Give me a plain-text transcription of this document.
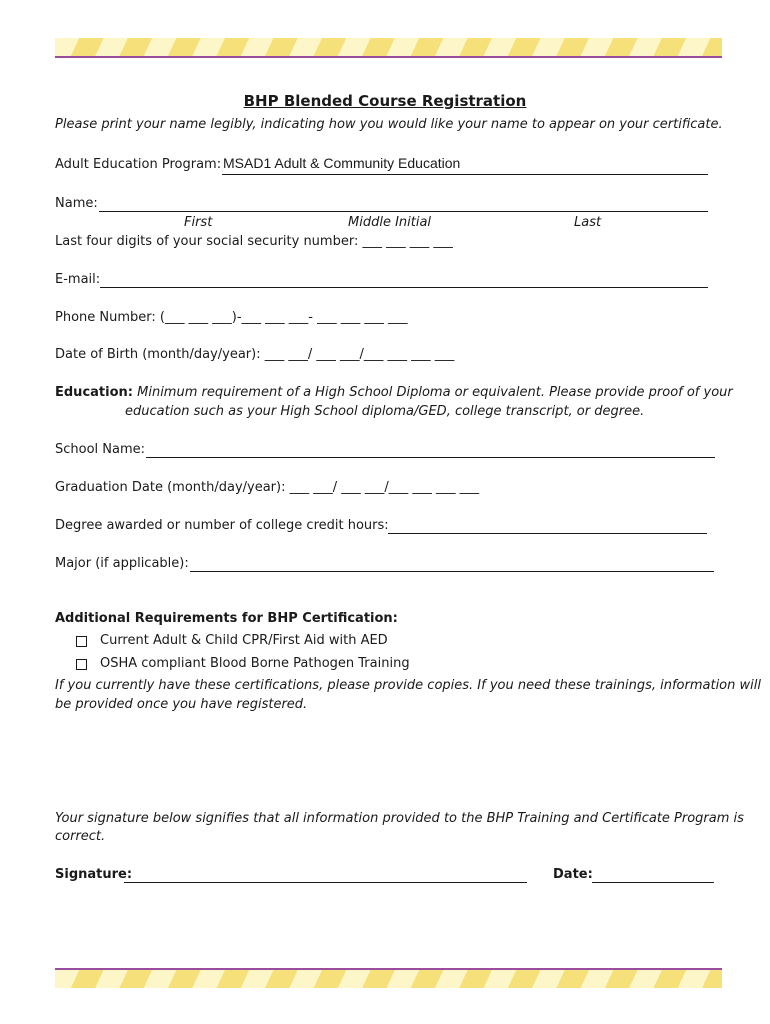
BHP Blended Course Registration
Please print your name legibly, indicating how you would like your name to appear on your certificate.
Adult Education Program: MSAD1 Adult & Community Education
Name:
First	Middle Initial	Last
Last four digits of your social security number: ___ ___ ___ ___
E-mail:
Phone Number: (___ ___ ___)-___ ___ ___- ___ ___ ___ ___
Date of Birth (month/day/year): ___ ___/ ___ ___/___ ___ ___ ___
Education: Minimum requirement of a High School Diploma or equivalent. Please provide proof of your
education such as your High School diploma/GED, college transcript, or degree.
School Name:
Graduation Date (month/day/year): ___ ___/ ___ ___/___ ___ ___ ___
Degree awarded or number of college credit hours:
Major (if applicable):
Additional Requirements for BHP Certification:
Current Adult & Child CPR/First Aid with AED
OSHA compliant Blood Borne Pathogen Training
If you currently have these certifications, please provide copies. If you need these trainings, information will
be provided once you have registered.
Your signature below signifies that all information provided to the BHP Training and Certificate Program is
correct.
Signature:	Date:
